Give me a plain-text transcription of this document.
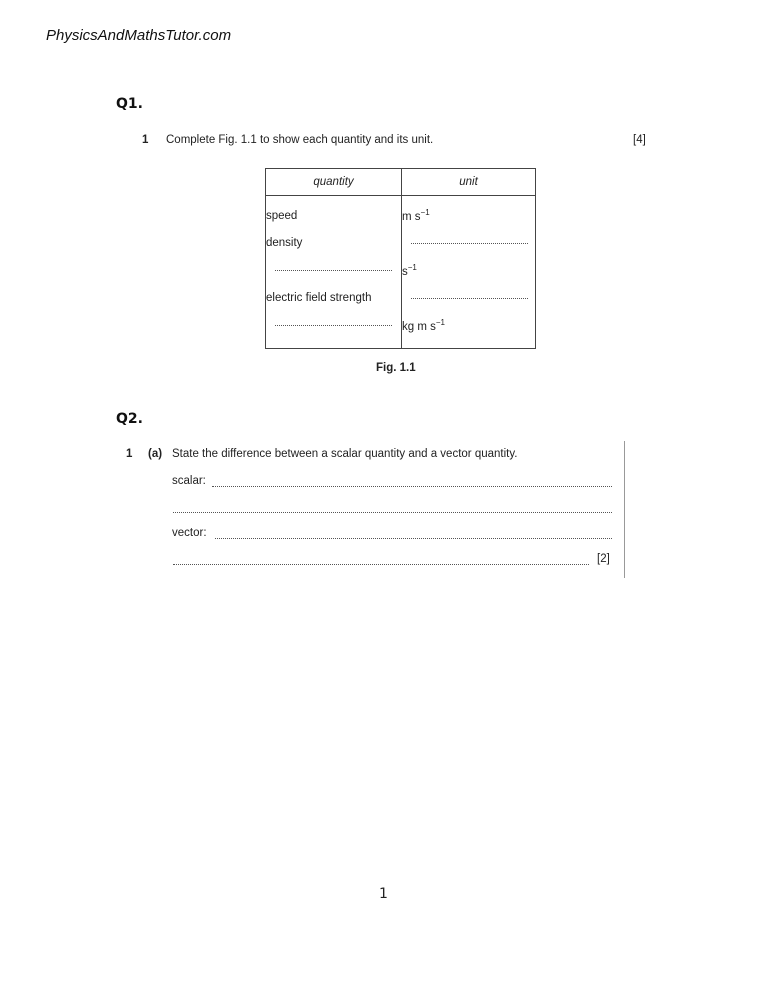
PhysicsAndMathsTutor.com
Q1.
1 Complete Fig. 1.1 to show each quantity and its unit.	[4]
quantity	unit
speed	m $s^{-1}$
density	
	$s^{-1}$
electric field strength	
	kg m $s^{-1}$
Fig. 1.1
Q2.
1 (a) State the difference between a scalar quantity and a vector quantity.
scalar:
vector:
[2]
1
